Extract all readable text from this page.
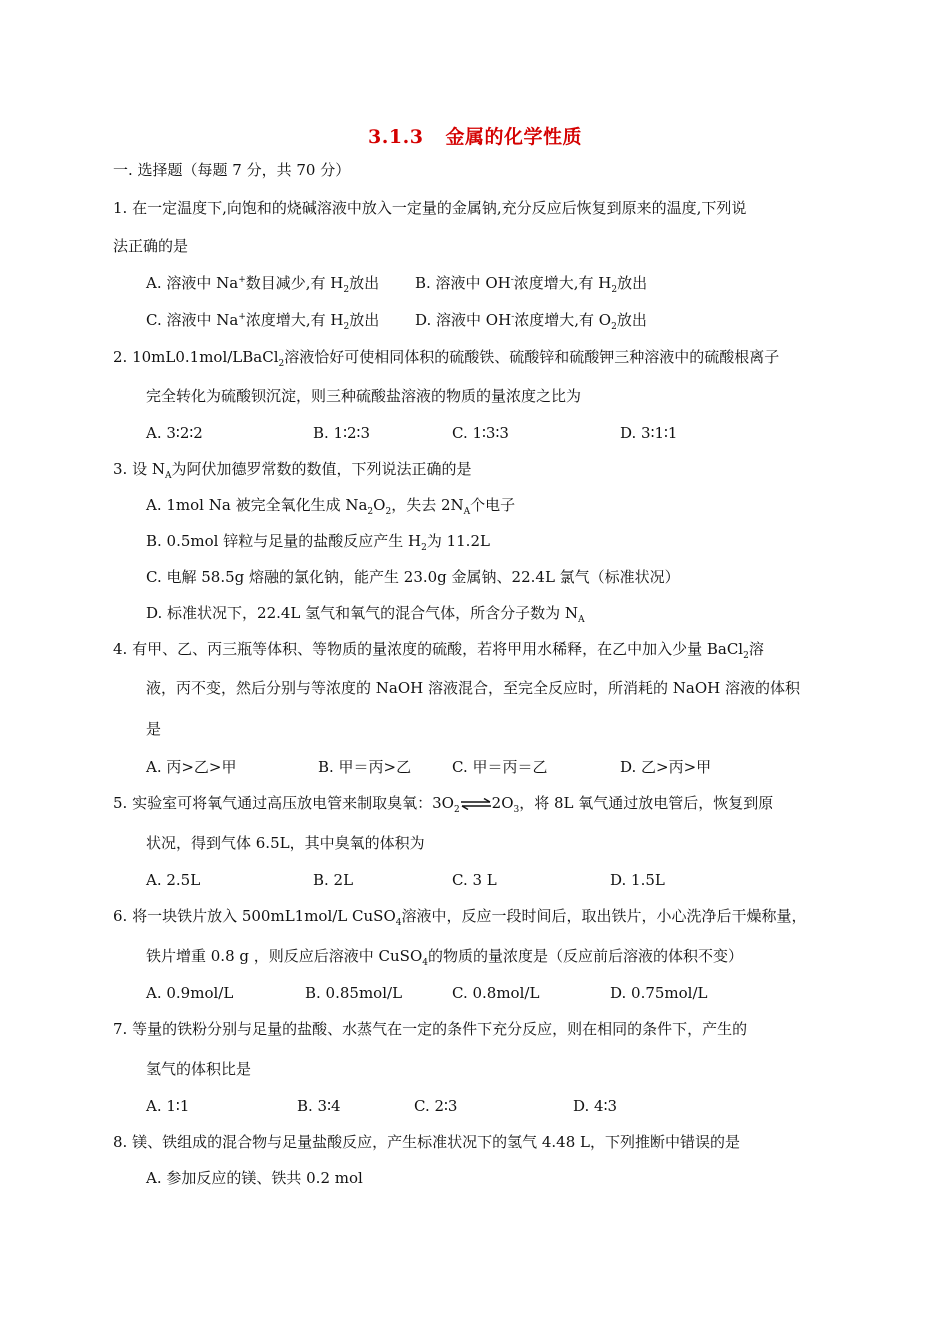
3.1.3 金属的化学性质
一. 选择题（每题 7 分，共 70 分）
1. 在一定温度下,向饱和的烧碱溶液中放入一定量的金属钠,充分反应后恢复到原来的温度,下列说
法正确的是
A. 溶液中 Na+数目减少,有 $H_2$放出 B. 溶液中 OH-浓度增大,有 $H_2$放出
C. 溶液中 Na+浓度增大,有 $H_2$放出 D. 溶液中 OH-浓度增大,有 $O_2$放出
2. 10mL0.1mol/LBaCl$_2$溶液恰好可使相同体积的硫酸铁、硫酸锌和硫酸钾三种溶液中的硫酸根离子
完全转化为硫酸钡沉淀，则三种硫酸盐溶液的物质的量浓度之比为
A. 3∶2∶2	B. 1∶2∶3	C. 1∶3∶3	D. 3∶1∶1
3. 设 $N_A$为阿伏加德罗常数的数值，下列说法正确的是
A. 1mol Na 被完全氧化生成 $Na_2O_2$，失去 $2N_A$个电子
B. 0.5mol 锌粒与足量的盐酸反应产生 $H_2$为 11.2L
C. 电解 58.5g 熔融的氯化钠，能产生 23.0g 金属钠、22.4L 氯气（标准状况）
D. 标准状况下，22.4L 氢气和氧气的混合气体，所含分子数为 $N_A$
4. 有甲、乙、丙三瓶等体积、等物质的量浓度的硫酸，若将甲用水稀释，在乙中加入少量 BaCl$_2$溶
液，丙不变，然后分别与等浓度的 NaOH 溶液混合，至完全反应时，所消耗的 NaOH 溶液的体积
是
A. 丙>乙>甲	B. 甲＝丙>乙	C. 甲＝丙＝乙	D. 乙>丙>甲
5. 实验室可将氧气通过高压放电管来制取臭氧：$3O_2\rightleftharpoons 2O_3$，将 8L 氧气通过放电管后，恢复到原
状况，得到气体 6.5L，其中臭氧的体积为
A. 2.5L	B. 2L	C. 3 L	D. 1.5L
6. 将一块铁片放入 500mL1mol/L CuSO$_4$溶液中，反应一段时间后，取出铁片，小心洗净后干燥称量，
铁片增重 0.8 g ，则反应后溶液中 CuSO$_4$的物质的量浓度是（反应前后溶液的体积不变）
A. 0.9mol/L	B. 0.85mol/L	C. 0.8mol/L	D. 0.75mol/L
7. 等量的铁粉分别与足量的盐酸、水蒸气在一定的条件下充分反应，则在相同的条件下，产生的
氢气的体积比是
A. 1∶1	B. 3∶4	C. 2∶3	D. 4∶3
8. 镁、铁组成的混合物与足量盐酸反应，产生标准状况下的氢气 4.48 L，下列推断中错误的是
A. 参加反应的镁、铁共 0.2 mol
